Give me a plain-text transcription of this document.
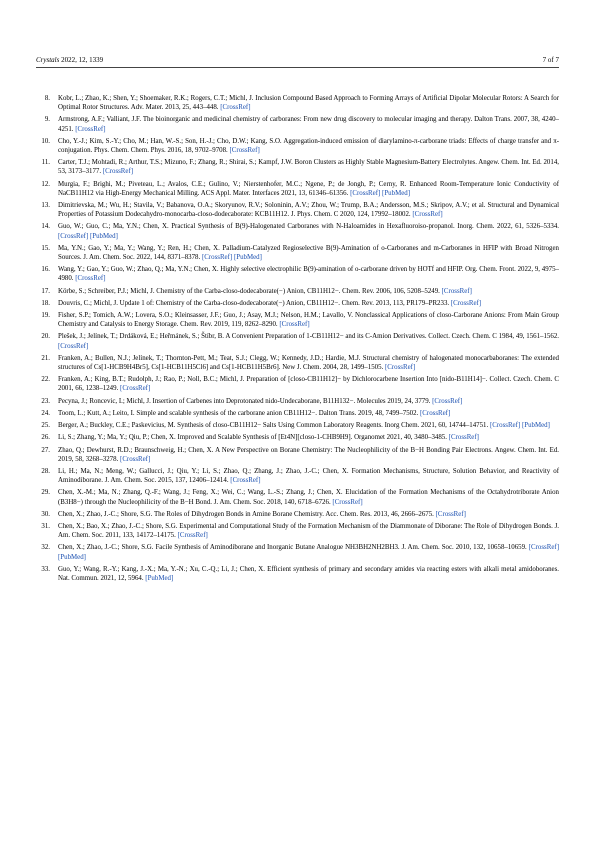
Crystals 2022, 12, 1339	7 of 7
8. Kobr, L.; Zhao, K.; Shen, Y.; Shoemaker, R.K.; Rogers, C.T.; Michl, J. Inclusion Compound Based Approach to Forming Arrays of Artificial Dipolar Molecular Rotors: A Search for Optimal Rotor Structures. Adv. Mater. 2013, 25, 443–448. [CrossRef]
9. Armstrong, A.F.; Valliant, J.F. The bioinorganic and medicinal chemistry of carboranes: From new drug discovery to molecular imaging and therapy. Dalton Trans. 2007, 38, 4240–4251. [CrossRef]
10. Cho, Y.-J.; Kim, S.-Y.; Cho, M.; Han, W.-S.; Son, H.-J.; Cho, D.W.; Kang, S.O. Aggregation-induced emission of diarylamino-π-carborane triads: Effects of charge transfer and π-conjugation. Phys. Chem. Chem. Phys. 2016, 18, 9702–9708. [CrossRef]
11. Carter, T.J.; Mohtadi, R.; Arthur, T.S.; Mizuno, F.; Zhang, R.; Shirai, S.; Kampf, J.W. Boron Clusters as Highly Stable Magnesium-Battery Electrolytes. Angew. Chem. Int. Ed. 2014, 53, 3173–3177. [CrossRef]
12. Murgia, F.; Brighi, M.; Piveteau, L.; Avalos, C.E.; Gulino, V.; Nierstenhofer, M.C.; Ngene, P.; de Jongh, P.; Cerny, R. Enhanced Room-Temperature Ionic Conductivity of NaCB11H12 via High-Energy Mechanical Milling. ACS Appl. Mater. Interfaces 2021, 13, 61346–61356. [CrossRef] [PubMed]
13. Dimitrievska, M.; Wu, H.; Stavila, V.; Babanova, O.A.; Skoryunov, R.V.; Soloninin, A.V.; Zhou, W.; Trump, B.A.; Andersson, M.S.; Skripov, A.V.; et al. Structural and Dynamical Properties of Potassium Dodecahydro-monocarba-closo-dodecaborate: KCB11H12. J. Phys. Chem. C 2020, 124, 17992–18002. [CrossRef]
14. Guo, W.; Guo, C.; Ma, Y.N.; Chen, X. Practical Synthesis of B(9)-Halogenated Carboranes with N-Haloamides in Hexafluoroiso-propanol. Inorg. Chem. 2022, 61, 5326–5334. [CrossRef] [PubMed]
15. Ma, Y.N.; Gao, Y.; Ma, Y.; Wang, Y.; Ren, H.; Chen, X. Palladium-Catalyzed Regioselective B(9)-Amination of o-Carboranes and m-Carboranes in HFIP with Broad Nitrogen Sources. J. Am. Chem. Soc. 2022, 144, 8371–8378. [CrossRef] [PubMed]
16. Wang, Y.; Gao, Y.; Guo, W.; Zhao, Q.; Ma, Y.N.; Chen, X. Highly selective electrophilic B(9)-amination of o-carborane driven by HOTf and HFIP. Org. Chem. Front. 2022, 9, 4975–4980. [CrossRef]
17. Körbe, S.; Schreiber, P.J.; Michl, J. Chemistry of the Carba-closo-dodecaborate(−) Anion, CB11H12−. Chem. Rev. 2006, 106, 5208–5249. [CrossRef]
18. Douvris, C.; Michl, J. Update 1 of: Chemistry of the Carba-closo-dodecaborate(−) Anion, CB11H12−. Chem. Rev. 2013, 113, PR179–PR233. [CrossRef]
19. Fisher, S.P.; Tomich, A.W.; Lovera, S.O.; Kleinsasser, J.F.; Guo, J.; Asay, M.J.; Nelson, H.M.; Lavallo, V. Nonclassical Applications of closo-Carborane Anions: From Main Group Chemistry and Catalysis to Energy Storage. Chem. Rev. 2019, 119, 8262–8290. [CrossRef]
20. Plešek, J.; Jelínek, T.; Drdáková, E.; Heřmánek, S.; Štíbr, B. A Convenient Preparation of 1-CB11H12− and its C-Amion Derivatives. Collect. Czech. Chem. C 1984, 49, 1561–1562. [CrossRef]
21. Franken, A.; Bullen, N.J.; Jelínek, T.; Thornton-Pett, M.; Teat, S.J.; Clegg, W.; Kennedy, J.D.; Hardie, M.J. Structural chemistry of halogenated monocarbaboranes: The extended structures of Cs[1-HCB9H4Br5], Cs[1-HCB11H5Cl6] and Cs[1-HCB11H5Br6]. New J. Chem. 2004, 28, 1499–1505. [CrossRef]
22. Franken, A.; King, B.T.; Rudolph, J.; Rao, P.; Noll, B.C.; Michl, J. Preparation of [closo-CB11H12]− by Dichlorocarbene Insertion Into [nido-B11H14]−. Collect. Czech. Chem. C 2001, 66, 1238–1249. [CrossRef]
23. Pecyna, J.; Roncevic, I.; Michl, J. Insertion of Carbenes into Deprotonated nido-Undecaborane, B11H132−. Molecules 2019, 24, 3779. [CrossRef]
24. Toom, L.; Kutt, A.; Leito, I. Simple and scalable synthesis of the carborane anion CB11H12−. Dalton Trans. 2019, 48, 7499–7502. [CrossRef]
25. Berger, A.; Buckley, C.E.; Paskevicius, M. Synthesis of closo-CB11H12− Salts Using Common Laboratory Reagents. Inorg Chem. 2021, 60, 14744–14751. [CrossRef] [PubMed]
26. Li, S.; Zhang, Y.; Ma, Y.; Qiu, P.; Chen, X. Improved and Scalable Synthesis of [Et4N][closo-1-CHB9H9]. Organomet 2021, 40, 3480–3485. [CrossRef]
27. Zhao, Q.; Dewhurst, R.D.; Braunschweig, H.; Chen, X. A New Perspective on Borane Chemistry: The Nucleophilicity of the B−H Bonding Pair Electrons. Angew. Chem. Int. Ed. 2019, 58, 3268–3278. [CrossRef]
28. Li, H.; Ma, N.; Meng, W.; Gallucci, J.; Qiu, Y.; Li, S.; Zhao, Q.; Zhang, J.; Zhao, J.-C.; Chen, X. Formation Mechanisms, Structure, Solution Behavior, and Reactivity of Aminodiborane. J. Am. Chem. Soc. 2015, 137, 12406–12414. [CrossRef]
29. Chen, X.-M.; Ma, N.; Zhang, Q.-F.; Wang, J.; Feng, X.; Wei, C.; Wang, L.-S.; Zhang, J.; Chen, X. Elucidation of the Formation Mechanisms of the Octahydrotriborate Anion (B3H8−) through the Nucleophilicity of the B−H Bond. J. Am. Chem. Soc. 2018, 140, 6718–6726. [CrossRef]
30. Chen, X.; Zhao, J.-C.; Shore, S.G. The Roles of Dihydrogen Bonds in Amine Borane Chemistry. Acc. Chem. Res. 2013, 46, 2666–2675. [CrossRef]
31. Chen, X.; Bao, X.; Zhao, J.-C.; Shore, S.G. Experimental and Computational Study of the Formation Mechanism of the Diammonate of Diborane: The Role of Dihydrogen Bonds. J. Am. Chem. Soc. 2011, 133, 14172–14175. [CrossRef]
32. Chen, X.; Zhao, J.-C.; Shore, S.G. Facile Synthesis of Aminodiborane and Inorganic Butane Analogue NH3BH2NH2BH3. J. Am. Chem. Soc. 2010, 132, 10658–10659. [CrossRef] [PubMed]
33. Guo, Y.; Wang, R.-Y.; Kang, J.-X.; Ma, Y.-N.; Xu, C.-Q.; Li, J.; Chen, X. Efficient synthesis of primary and secondary amides via reacting esters with alkali metal amidoboranes. Nat. Commun. 2021, 12, 5964. [PubMed]
